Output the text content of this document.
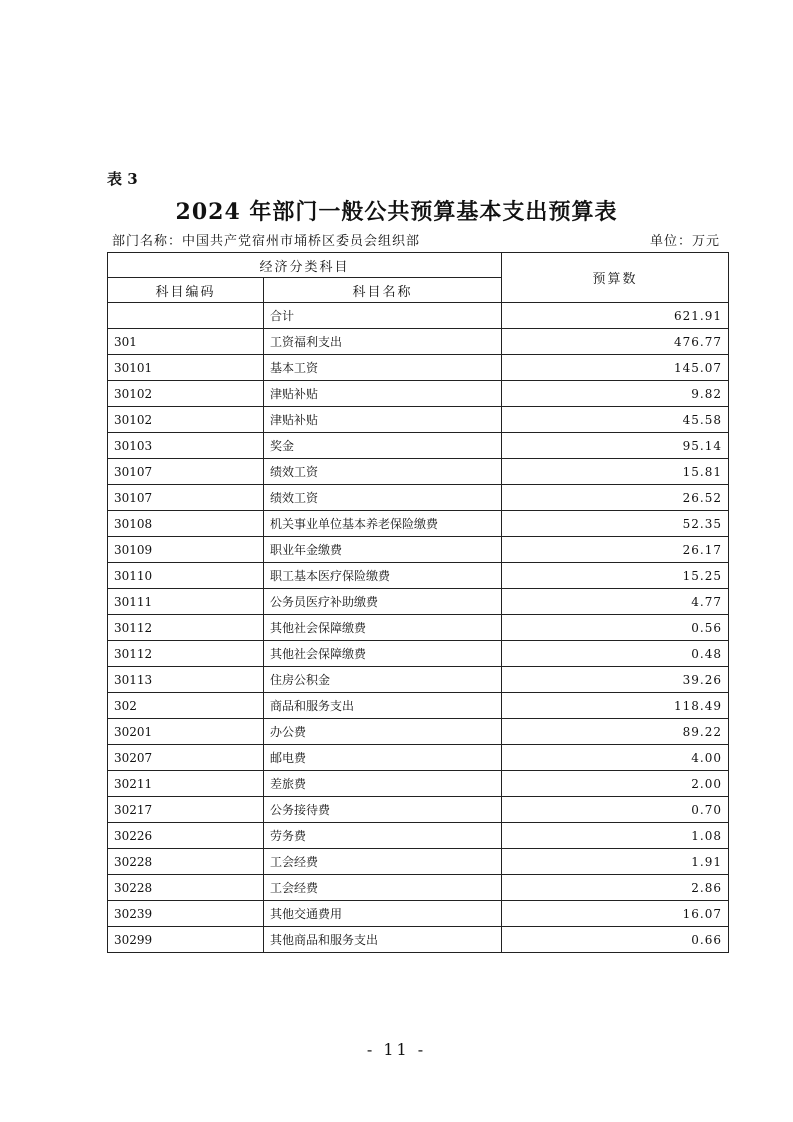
表 3
2024 年部门一般公共预算基本支出预算表
部门名称：中国共产党宿州市埇桥区委员会组织部	单位：万元
经济分类科目		预算数
科目编码	科目名称	
	合计	621.91
301	工资福利支出	476.77
30101	基本工资	145.07
30102	津贴补贴	9.82
30102	津贴补贴	45.58
30103	奖金	95.14
30107	绩效工资	15.81
30107	绩效工资	26.52
30108	机关事业单位基本养老保险缴费	52.35
30109	职业年金缴费	26.17
30110	职工基本医疗保险缴费	15.25
30111	公务员医疗补助缴费	4.77
30112	其他社会保障缴费	0.56
30112	其他社会保障缴费	0.48
30113	住房公积金	39.26
302	商品和服务支出	118.49
30201	办公费	89.22
30207	邮电费	4.00
30211	差旅费	2.00
30217	公务接待费	0.70
30226	劳务费	1.08
30228	工会经费	1.91
30228	工会经费	2.86
30239	其他交通费用	16.07
30299	其他商品和服务支出	0.66
- 11 -
